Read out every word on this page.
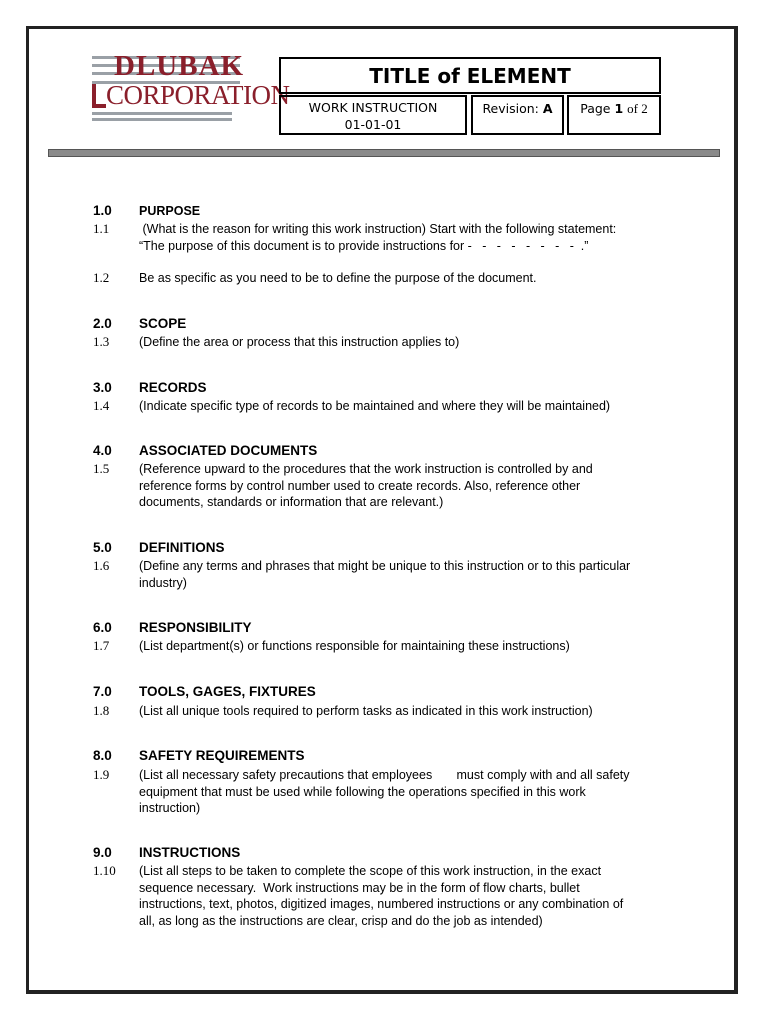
DLUBAK
CORPORATION
TITLE of ELEMENT
WORK INSTRUCTION
01-01-01
Revision: A	Page 1 of 2
1.0 PURPOSE
1.1	(What is the reason for writing this work instruction) Start with the following statement:
“The purpose of this document is to provide instructions for -   -   -   -   -   -   -   -  .”
1.2 Be as specific as you need to be to define the purpose of the document.
2.0 SCOPE
1.3 (Define the area or process that this instruction applies to)
3.0 RECORDS
1.4 (Indicate specific type of records to be maintained and where they will be maintained)
4.0 ASSOCIATED DOCUMENTS
1.5 (Reference upward to the procedures that the work instruction is controlled by and
reference forms by control number used to create records. Also, reference other
documents, standards or information that are relevant.)
5.0 DEFINITIONS
1.6 (Define any terms and phrases that might be unique to this instruction or to this particular
industry)
6.0 RESPONSIBILITY
1.7 (List department(s) or functions responsible for maintaining these instructions)
7.0 TOOLS, GAGES, FIXTURES
1.8 (List all unique tools required to perform tasks as indicated in this work instruction)
8.0 SAFETY REQUIREMENTS
1.9 (List all necessary safety precautions that employees       must comply with and all safety
equipment that must be used while following the operations specified in this work
instruction)
9.0 INSTRUCTIONS
1.10 (List all steps to be taken to complete the scope of this work instruction, in the exact
sequence necessary.  Work instructions may be in the form of flow charts, bullet
instructions, text, photos, digitized images, numbered instructions or any combination of
all, as long as the instructions are clear, crisp and do the job as intended)
